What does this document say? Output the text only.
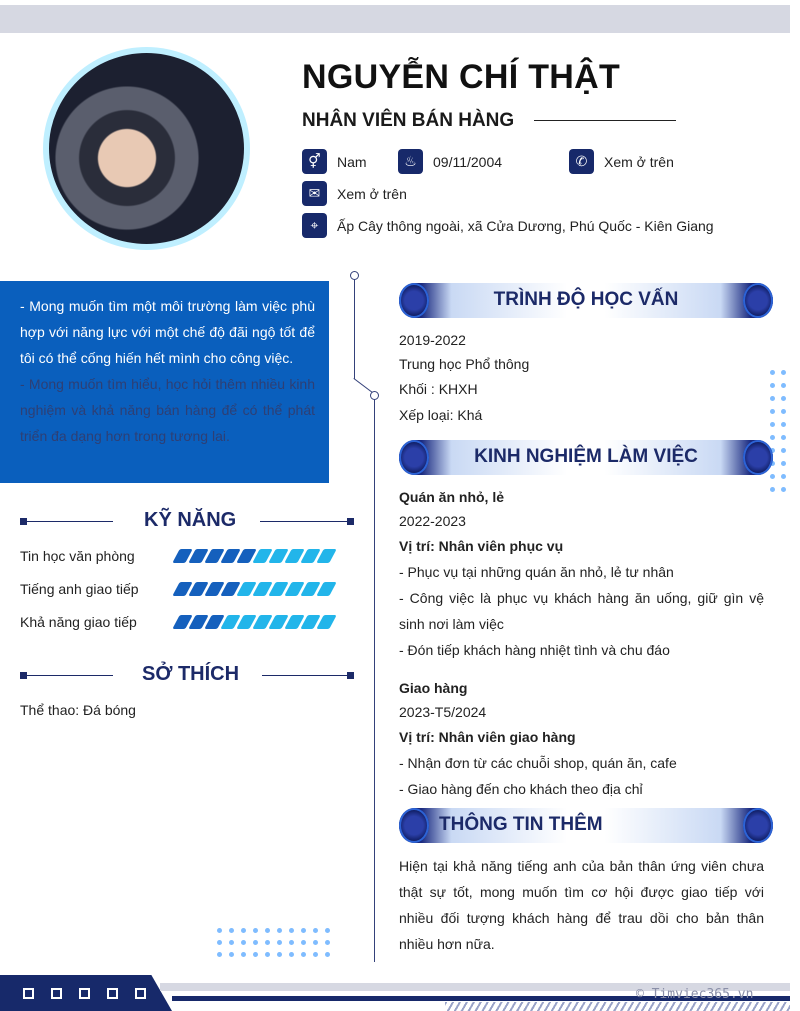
NGUYỄN CHÍ THẬT
NHÂN VIÊN BÁN HÀNG
⚥	Nam	♨	09/11/2004	✆	Xem ở trên
✉	Xem ở trên
⌖	Ấp Cây thông ngoài, xã Cửa Dương, Phú Quốc - Kiên Giang
- Mong muốn tìm một môi trường làm việc phù hợp với năng lực với một chế độ đãi ngộ tốt để tôi có thể cống hiến hết mình cho công việc.
- Mong muốn tìm hiểu, học hỏi thêm nhiều kinh nghiệm và khả năng bán hàng để có thể phát triển đa dạng hơn trong tương lai.
KỸ NĂNG
Tin học văn phòng
Tiếng anh giao tiếp
Khả năng giao tiếp
SỞ THÍCH
Thể thao: Đá bóng
TRÌNH ĐỘ HỌC VẤN
2019-2022
Trung học Phổ thông
Khối : KHXH
Xếp loại: Khá
KINH NGHIỆM LÀM VIỆC
Quán ăn nhỏ, lẻ
2022-2023
Vị trí: Nhân viên phục vụ
- Phục vụ tại những quán ăn nhỏ, lẻ tư nhân
- Công việc là phục vụ khách hàng ăn uống, giữ gìn vệ sinh nơi làm việc
- Đón tiếp khách hàng nhiệt tình và chu đáo
Giao hàng
2023-T5/2024
Vị trí: Nhân viên giao hàng
- Nhận đơn từ các chuỗi shop, quán ăn, cafe
- Giao hàng đến cho khách theo địa chỉ
THÔNG TIN THÊM
Hiện tại khả năng tiếng anh của bản thân ứng viên chưa thật sự tốt, mong muốn tìm cơ hội được giao tiếp với nhiều đối tượng khách hàng để trau dồi cho bản thân nhiều hơn nữa.
© Timviec365.vn
